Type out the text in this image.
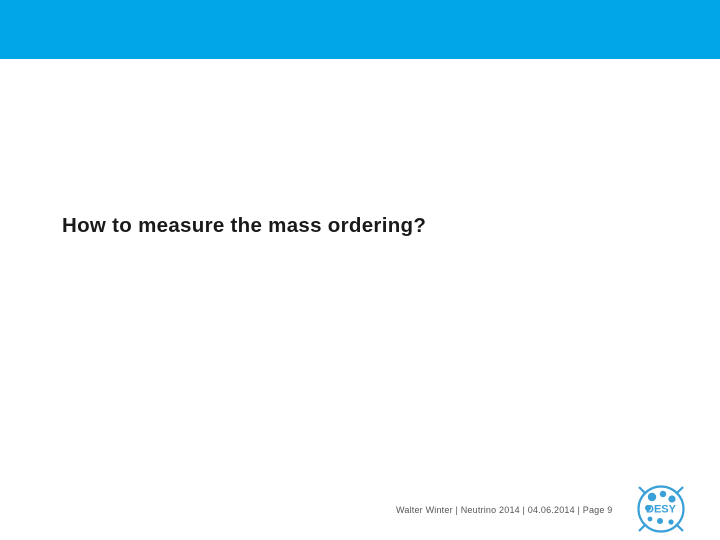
How to measure the mass ordering?
Walter Winter | Neutrino 2014 | 04.06.2014 | Page 9	DESY
